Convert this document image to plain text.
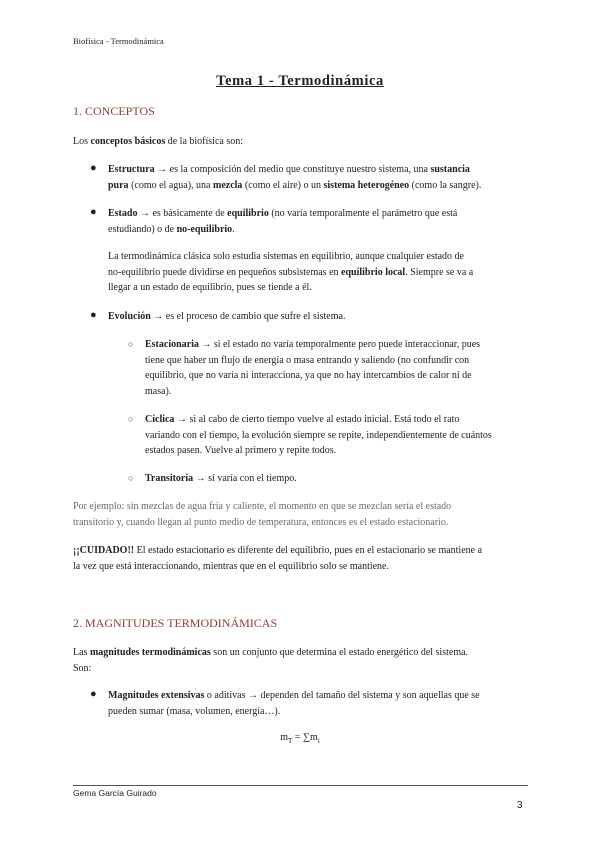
Biofísica - Termodinámica
Tema 1 - Termodinámica
1. CONCEPTOS
Los conceptos básicos de la biofísica son:
● Estructura → es la composición del medio que constituye nuestro sistema, una sustancia
pura (como el agua), una mezcla (como el aire) o un sistema heterogéneo (como la sangre).
● Estado → es básicamente de equilibrio (no varía temporalmente el parámetro que está
estudiando) o de no-equilibrio.
La termodinámica clásica solo estudia sistemas en equilibrio, aunque cualquier estado de
no-equilibrio puede dividirse en pequeños subsistemas en equilibrio local. Siempre se va a
llegar a un estado de equilibrio, pues se tiende a él.
● Evolución → es el proceso de cambio que sufre el sistema.
○ Estacionaria → si el estado no varía temporalmente pero puede interaccionar, pues
tiene que haber un flujo de energía o masa entrando y saliendo (no confundir con
equilibrio, que no varía ni interacciona, ya que no hay intercambios de calor ni de
masa).
○ Cíclica → si al cabo de cierto tiempo vuelve al estado inicial. Está todo el rato
variando con el tiempo, la evolución siempre se repite, independientemente de cuántos
estados pasen. Vuelve al primero y repite todos.
○ Transitoria → sí varía con el tiempo.
Por ejemplo: sin mezclas de agua fría y caliente, el momento en que se mezclan sería el estado
transitorio y, cuando llegan al punto medio de temperatura, entonces es el estado estacionario.
¡¡CUIDADO!! El estado estacionario es diferente del equilibrio, pues en el estacionario se mantiene a
la vez que está interaccionando, mientras que en el equilibrio solo se mantiene.
2. MAGNITUDES TERMODINÁMICAS
Las magnitudes termodinámicas son un conjunto que determina el estado energético del sistema.
Son:
● Magnitudes extensivas o aditivas → dependen del tamaño del sistema y son aquellas que se
pueden sumar (masa, volumen, energía…).
$m_T = \sum m_i$
Gema García Guirado
3
